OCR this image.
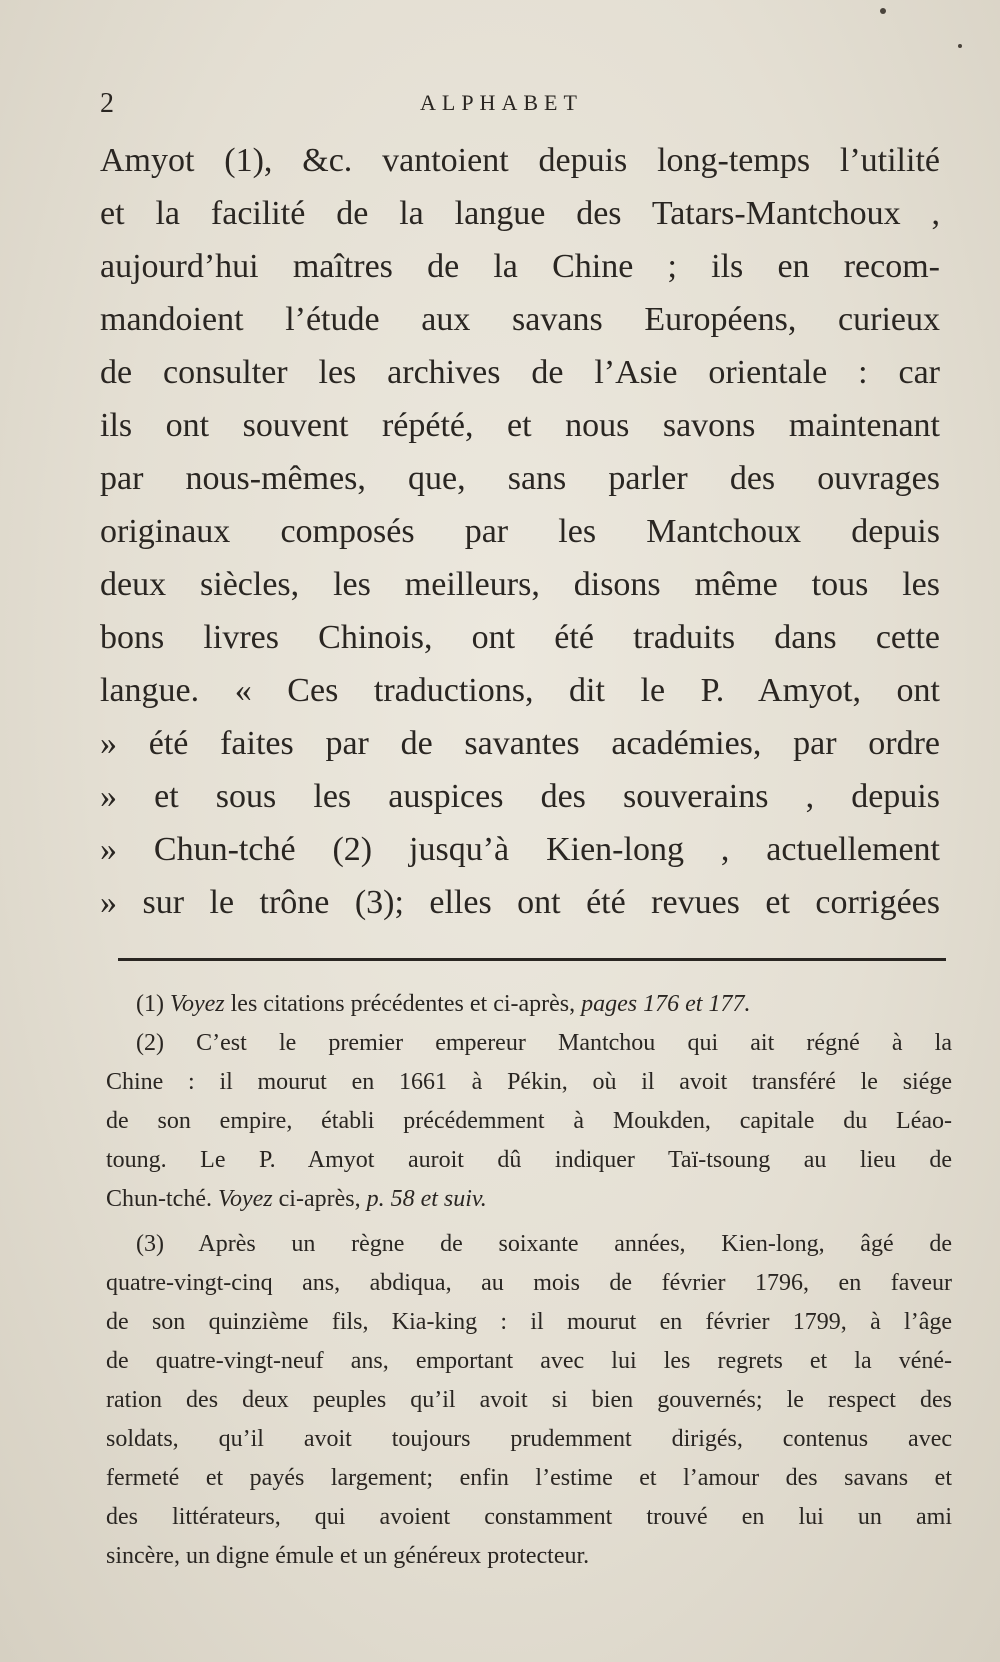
2	ALPHABET
Amyot (1), &c. vantoient depuis long-temps l’utilité
et la facilité de la langue des Tatars-Mantchoux ,
aujourd’hui maîtres de la Chine ; ils en recom-
mandoient l’étude aux savans Européens, curieux
de consulter les archives de l’Asie orientale : car
ils ont souvent répété, et nous savons maintenant
par nous-mêmes, que, sans parler des ouvrages
originaux composés par les Mantchoux depuis
deux siècles, les meilleurs, disons même tous les
bons livres Chinois, ont été traduits dans cette
langue. « Ces traductions, dit le P. Amyot, ont
» été faites par de savantes académies, par ordre
» et sous les auspices des souverains , depuis
» Chun-tché (2) jusqu’à Kien-long , actuellement
» sur le trône (3); elles ont été revues et corrigées
(1) Voyez les citations précédentes et ci-après, pages 176 et 177.
(2) C’est le premier empereur Mantchou qui ait régné à la
Chine : il mourut en 1661 à Pékin, où il avoit transféré le siége
de son empire, établi précédemment à Moukden, capitale du Léao-
toung. Le P. Amyot auroit dû indiquer Taï-tsoung au lieu de
Chun-tché. Voyez ci-après, p. 58 et suiv.
(3) Après un règne de soixante années, Kien-long, âgé de
quatre-vingt-cinq ans, abdiqua, au mois de février 1796, en faveur
de son quinzième fils, Kia-king : il mourut en février 1799, à l’âge
de quatre-vingt-neuf ans, emportant avec lui les regrets et la véné-
ration des deux peuples qu’il avoit si bien gouvernés; le respect des
soldats, qu’il avoit toujours prudemment dirigés, contenus avec
fermeté et payés largement; enfin l’estime et l’amour des savans et
des littérateurs, qui avoient constamment trouvé en lui un ami
sincère, un digne émule et un généreux protecteur.
